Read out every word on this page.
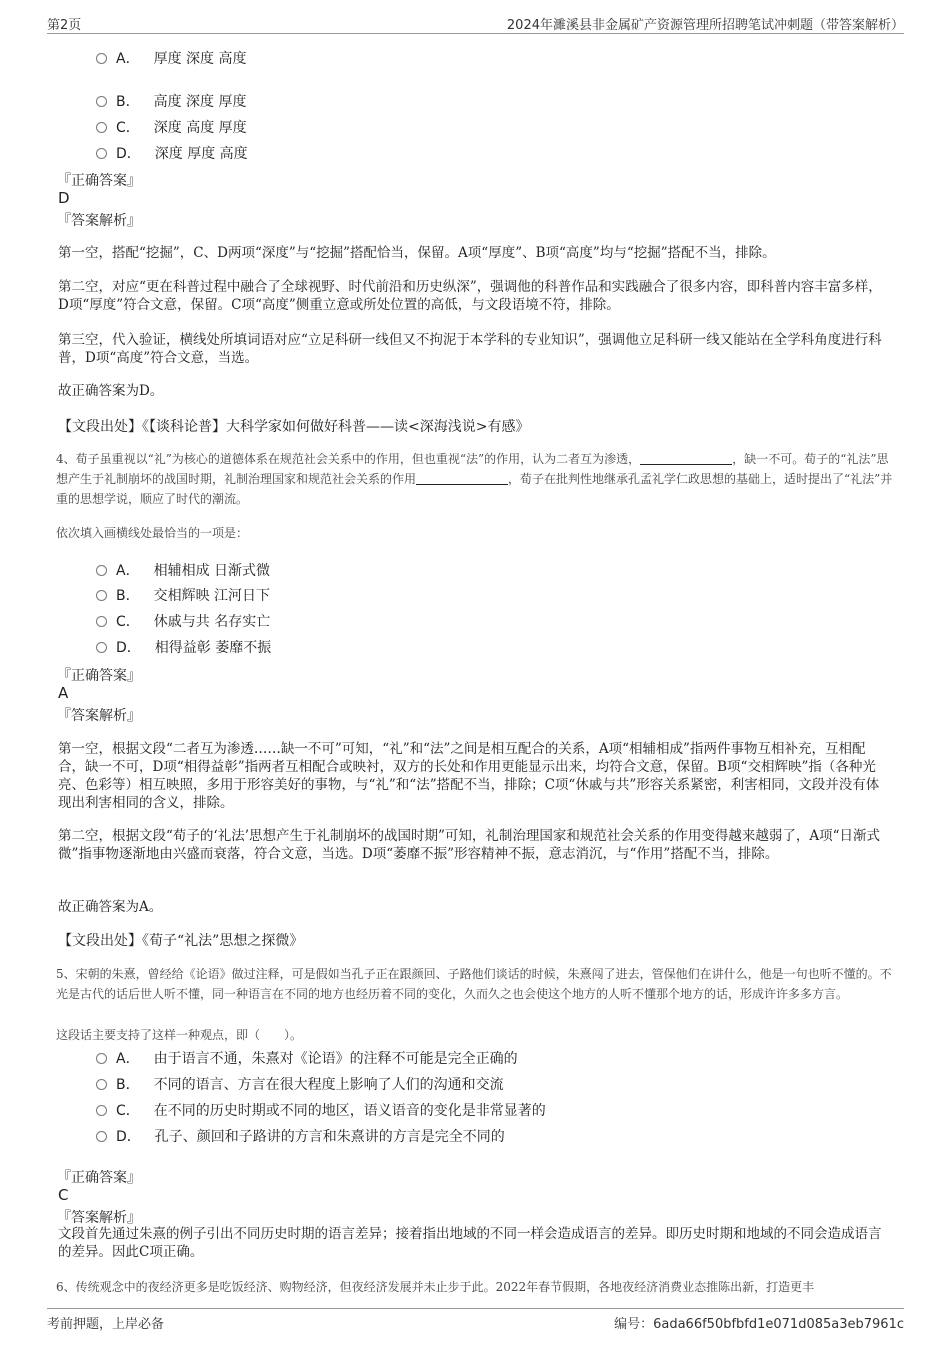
第2页	2024年濉溪县非金属矿产资源管理所招聘笔试冲刺题（带答案解析）
A． 厚度 深度 高度
B． 高度 深度 厚度
C． 深度 高度 厚度
D． 深度 厚度 高度
『正确答案』
D
『答案解析』
第一空，搭配“挖掘”，C、D两项“深度”与“挖掘”搭配恰当，保留。A项“厚度”、B项“高度”均与“挖掘”搭配不当，排除。
第二空，对应“更在科普过程中融合了全球视野、时代前沿和历史纵深”，强调他的科普作品和实践融合了很多内容，即科普内容丰富多样，D项“厚度”符合文意，保留。C项“高度”侧重立意或所处位置的高低，与文段语境不符，排除。
第三空，代入验证，横线处所填词语对应“立足科研一线但又不拘泥于本学科的专业知识”，强调他立足科研一线又能站在全学科角度进行科普，D项“高度”符合文意，当选。
故正确答案为D。
【文段出处】《【谈科论普】大科学家如何做好科普——读<深海浅说>有感》
4、荀子虽重视以“礼”为核心的道德体系在规范社会关系中的作用，但也重视“法”的作用，认为二者互为渗透，	，缺一不可。荀子的“礼法”思想产生于礼制崩坏的战国时期，礼制治理国家和规范社会关系的作用	，荀子在批判性地继承孔孟礼学仁政思想的基础上，适时提出了“礼法”并重的思想学说，顺应了时代的潮流。
依次填入画横线处最恰当的一项是：
A． 相辅相成 日渐式微
B． 交相辉映 江河日下
C． 休戚与共 名存实亡
D． 相得益彰 萎靡不振
『正确答案』
A
『答案解析』
第一空，根据文段“二者互为渗透……缺一不可”可知，“礼”和“法”之间是相互配合的关系，A项“相辅相成”指两件事物互相补充，互相配合，缺一不可，D项“相得益彰”指两者互相配合或映衬，双方的长处和作用更能显示出来，均符合文意，保留。B项“交相辉映”指（各种光亮、色彩等）相互映照，多用于形容美好的事物，与“礼”和“法”搭配不当，排除；C项“休戚与共”形容关系紧密，利害相同，文段并没有体现出利害相同的含义，排除。
第二空，根据文段“荀子的‘礼法’思想产生于礼制崩坏的战国时期”可知，礼制治理国家和规范社会关系的作用变得越来越弱了，A项“日渐式微”指事物逐渐地由兴盛而衰落，符合文意，当选。D项“萎靡不振”形容精神不振，意志消沉，与“作用”搭配不当，排除。
故正确答案为A。
【文段出处】《荀子“礼法”思想之探微》
5、宋朝的朱熹，曾经给《论语》做过注释，可是假如当孔子正在跟颜回、子路他们谈话的时候，朱熹闯了进去，管保他们在讲什么，他是一句也听不懂的。不光是古代的话后世人听不懂，同一种语言在不同的地方也经历着不同的变化，久而久之也会使这个地方的人听不懂那个地方的话，形成许许多多方言。
这段话主要支持了这样一种观点，即（　　）。
A． 由于语言不通，朱熹对《论语》的注释不可能是完全正确的
B． 不同的语言、方言在很大程度上影响了人们的沟通和交流
C． 在不同的历史时期或不同的地区，语义语音的变化是非常显著的
D． 孔子、颜回和子路讲的方言和朱熹讲的方言是完全不同的
『正确答案』
C
『答案解析』
文段首先通过朱熹的例子引出不同历史时期的语言差异；接着指出地域的不同一样会造成语言的差异。即历史时期和地域的不同会造成语言的差异。因此C项正确。
6、传统观念中的夜经济更多是吃饭经济、购物经济，但夜经济发展并未止步于此。2022年春节假期，各地夜经济消费业态推陈出新，打造更丰
考前押题，上岸必备	编号：6ada66f50bfbfd1e071d085a3eb7961c
